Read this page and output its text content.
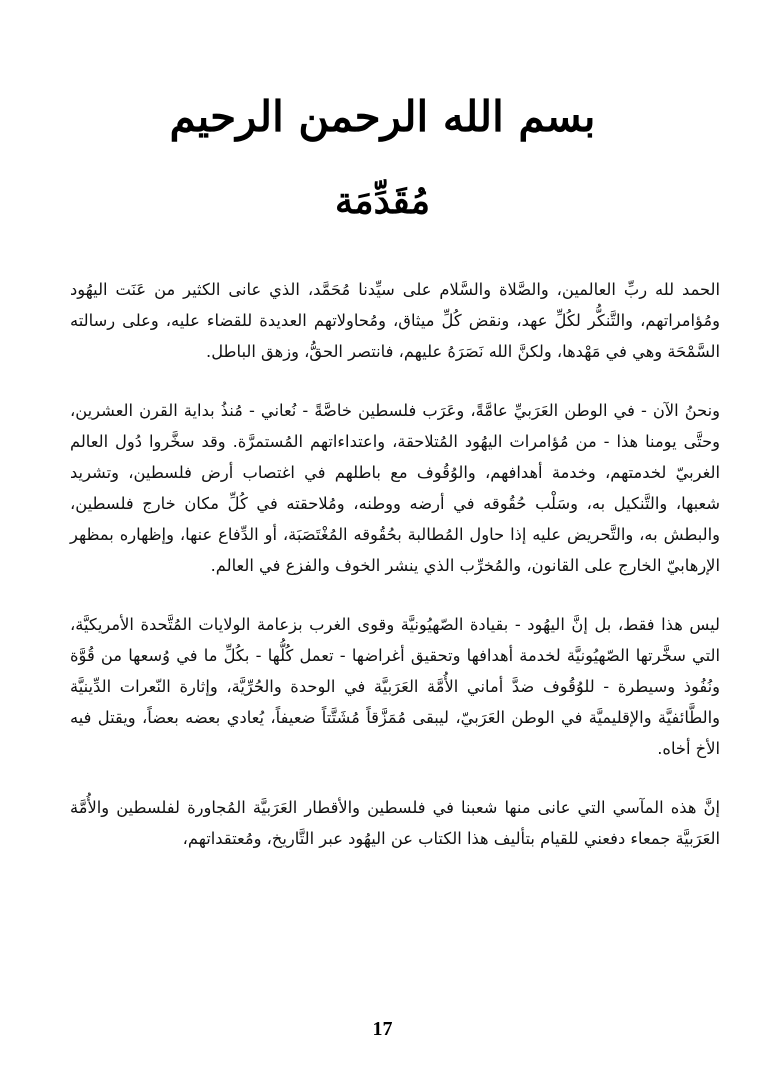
بسم الله الرحمن الرحيم
مُقَدِّمَة

الحمد لله ربِّ العالمين، والصَّلاة والسَّلام على سيِّدنا مُحَمَّد، الذي عانى الكثير من عَنَت اليهُود ومُؤامراتهم، والتَّنكُّر لكُلِّ عهد، ونقض كُلِّ ميثاق، ومُحاولاتهم العديدة للقضاء عليه، وعلى رسالته السَّمْحَة وهي في مَهْدها، ولكنَّ الله نَصَرَهُ عليهم، فانتصر الحقُّ، وزهق الباطل.

ونحنُ الآن - في الوطن العَرَبيِّ عامَّةً، وعَرَب فلسطين خاصَّةً - نُعاني - مُنذُ بداية القرن العشرين، وحتَّى يومنا هذا - من مُؤامرات اليهُود المُتلاحقة، واعتداءاتهم المُستمرَّة. وقد سخَّروا دُول العالم الغربيّ لخدمتهم، وخدمة أهدافهم، والوُقُوف مع باطلهم في اغتصاب أرض فلسطين، وتشريد شعبها، والتَّنكيل به، وسَلْب حُقُوقه في أرضه ووطنه، ومُلاحقته في كُلِّ مكان خارج فلسطين، والبطش به، والتَّحريض عليه إذا حاول المُطالبة بحُقُوقه المُغْتَصَبَة، أو الدِّفاع عنها، وإظهاره بمظهر الإرهابيّ الخارج على القانون، والمُخرِّب الذي ينشر الخوف والفزع في العالم.

ليس هذا فقط، بل إنَّ اليهُود - بقيادة الصّهيُونيَّة وقوى الغرب بزعامة الولايات المُتَّحدة الأمريكيَّة، التي سخَّرتها الصّهيُونيَّة لخدمة أهدافها وتحقيق أغراضها - تعمل كُلُّها - بكُلِّ ما في وُسعها من قُوَّة ونُفُوذ وسيطرة - للوُقُوف ضدَّ أماني الأُمَّة العَرَبيَّة في الوحدة والحُرِّيَّة، وإثارة النّعرات الدِّينيَّة والطَّائفيَّة والإقليميَّة في الوطن العَرَبيّ، ليبقى مُمَزَّقاً مُشَتَّتاً ضعيفاً، يُعادي بعضه بعضاً، ويقتل فيه الأخ أخاه.

إنَّ هذه المآسي التي عانى منها شعبنا في فلسطين والأقطار العَرَبيَّة المُجاورة لفلسطين والأُمَّة العَرَبيَّة جمعاء دفعني للقيام بتأليف هذا الكتاب عن اليهُود عبر التَّاريخ، ومُعتقداتهم،

17
